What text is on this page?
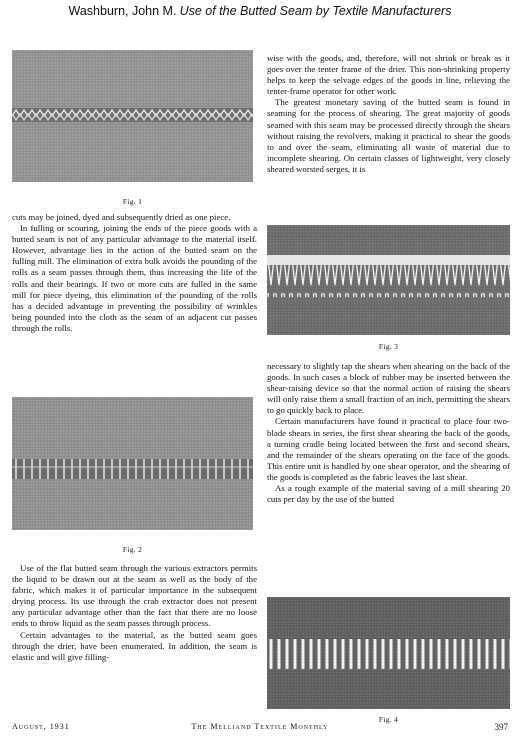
Washburn, John M. Use of the Butted Seam by Textile Manufacturers
Fig. 1
Fig. 2
Fig. 3
Fig. 4

cuts may be joined, dyed and subsequently dried as one piece.

In fulling or scouring, joining the ends of the piece goods with a butted seam is not of any particular advantage to the material itself. However, advantage lies in the action of the butted seam on the fulling mill. The elimination of extra bulk avoids the pounding of the rolls as a seam passes through them, thus increasing the life of the rolls and their bearings. If two or more cuts are fulled in the same mill for piece dyeing, this elimination of the pounding of the rolls has a decided advantage in preventing the possibility of wrinkles being pounded into the cloth as the seam of an adjacent cut passes through the rolls.

Use of the flat butted seam through the various extractors permits the liquid to be drawn out at the seam as well as the body of the fabric, which makes it of particular importance in the subsequent drying process. Its use through the crab extractor does not present any particular advantage other than the fact that there are no loose ends to throw liquid as the seam passes through process.

Certain advantages to the material, as the butted seam goes through the drier, have been enumerated. In addition, the seam is elastic and will give filling-

wise with the goods, and, therefore, will not shrink or break as it goes over the tenter frame of the drier. This non-shrinking property helps to keep the selvage edges of the goods in line, relieving the tenter-frame operator for other work.

The greatest monetary saving of the butted seam is found in seaming for the process of shearing. The great majority of goods seamed with this seam may be processed directly through the shears without raising the revolvers, making it practical to shear the goods to and over the seam, eliminating all waste of material due to incomplete shearing. On certain classes of lightweight, very closely sheared worsted serges, it is

necessary to slightly tap the shears when shearing on the back of the goods. In such cases a block of rubber may be inserted between the shear-raising device so that the normal action of raising the shears will only raise them a small fraction of an inch, permitting the shears to go quickly back to place.

Certain manufacturers have found it practical to place four two-blade shears in series, the first shear shearing the back of the goods, a turning cradle being located between the first and second shears, and the remainder of the shears operating on the face of the goods. This entire unit is handled by one shear operator, and the shearing of the goods is completed as the fabric leaves the last shear.

As a rough example of the material saving of a mill shearing 20 cuts per day by the use of the butted

August, 1931	The Melliand Textile Monthly	397
